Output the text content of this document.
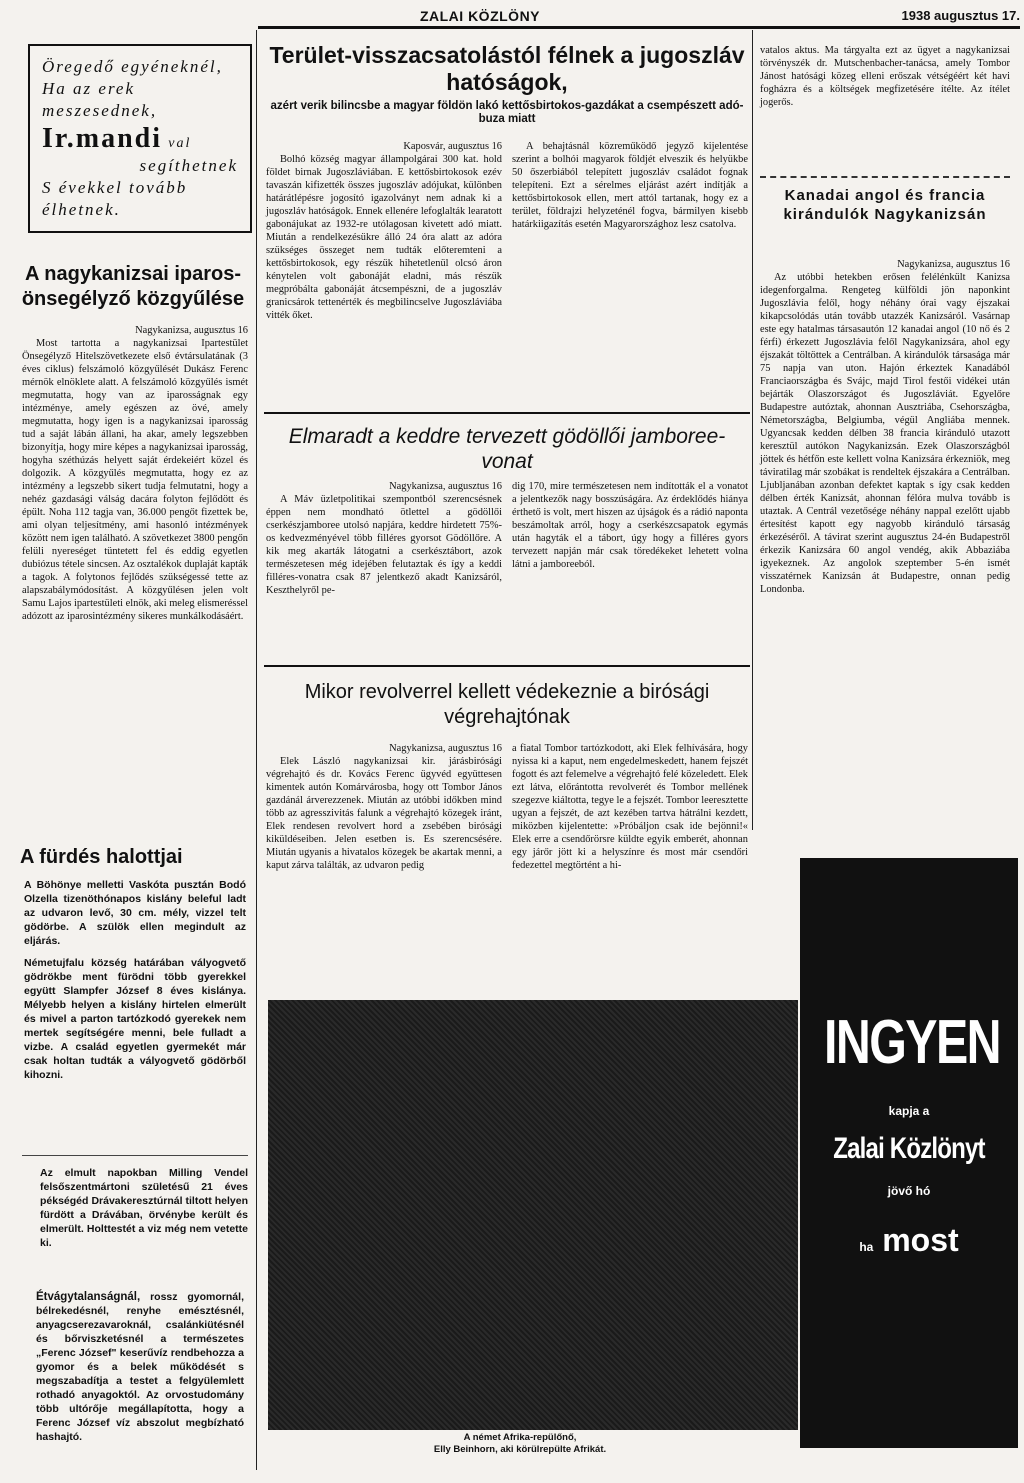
ZALAI KÖZLÖNY	1938 augusztus 17.
Öregedő egyéneknél,
Ha az erek meszesednek,
Ir.mandi val
segíthetnek
S évekkel tovább élhetnek.
A nagykanizsai iparos-önsegélyző közgyűlése
Nagykanizsa, augusztus 16

Most tartotta a nagykanizsai Ipartestület Önsegélyző Hitelszövetkezete első évtársulatának (3 éves ciklus) felszámoló közgyűlését Dukász Ferenc mérnök elnöklete alatt. A felszámoló közgyűlés ismét megmutatta, hogy van az iparosságnak egy intézménye, amely egészen az övé, amely megmutatta, hogy igen is a nagykanizsai iparosság tud a saját lábán állani, ha akar, amely legszebben bizonyítja, hogy mire képes a nagykanizsai iparosság, hogyha széthúzás helyett saját érdekeiért közel és dolgozik. A közgyűlés megmutatta, hogy ez az intézmény a legszebb sikert tudja felmutatni, hogy a nehéz gazdasági válság dacára folyton fejlődött és épült. Noha 112 tagja van, 36.000 pengőt fizettek be, ami olyan teljesítmény, ami hasonló intézmények között nem igen található. A szövetkezet 3800 pengőn felüli nyereséget tüntetett fel és eddig egyetlen dubiózus tétele sincsen. Az osztalékok duplaját kapták a tagok. A folytonos fejlődés szükségessé tette az alapszabálymódosítást. A közgyűlésen jelen volt Samu Lajos ipartestületi elnök, aki meleg elismeréssel adózott az iparosintézmény sikeres munkálkodásáért.

A fürdés halottjai

A Böhönye melletti Vaskóta pusztán Bodó Olzella tizenöthónapos kislány beleful ladt az udvaron levő, 30 cm. mély, vizzel telt gödörbe. A szülök ellen megindult az eljárás.

Németujfalu község határában vályogvető gödrökbe ment fürödni több gyerekkel együtt Slampfer József 8 éves kislánya. Mélyebb helyen a kislány hirtelen elmerült és mivel a parton tartózkodó gyerekek nem mertek segítségére menni, bele fulladt a vizbe. A család egyetlen gyermekét már csak holtan tudták a vályogvető gödörből kihozni.

Az elmult napokban Milling Vendel felsőszentmártoni születésű 21 éves pékségéd Drávakeresztúrnál tiltott helyen fürdött a Drávában, örvénybe került és elmerült. Holttestét a viz még nem vetette ki.

Étvágytalanságnál, rossz gyomornál, bélrekedésnél, renyhe emésztésnél, anyagcserezavaroknál, csalánkiütésnél és bőrviszketésnél a természetes „Ferenc József" keserűvíz rendbehozza a gyomor és a belek működését s megszabadítja a testet a felgyülemlett rothadó anyagoktól. Az orvostudomány több ultórője megállapította, hogy a Ferenc József víz abszolut megbízható hashajtó.
Terület-visszacsatolástól félnek a jugoszláv hatóságok,
azért verik bilincsbe a magyar földön lakó kettősbirtokos-gazdákat a csempészett adó-buza miatt
Kaposvár, augusztus 16

Bolhó község magyar állampolgárai 300 kat. hold földet birnak Jugoszláviában. E kettősbirtokosok ezév tavaszán kifizették összes jugoszláv adójukat, különben határátlépésre jogosító igazolványt nem adnak ki a jugoszláv hatóságok. Ennek ellenére lefoglalták learatott gabonájukat az 1932-re utólagosan kivetett adó miatt. Miután a rendelkezésükre álló 24 óra alatt az adóra szükséges összeget nem tudták előteremteni a kettősbirtokosok, egy részük hihetetlenül olcsó áron kénytelen volt gabonáját eladni, más részük megpróbálta gabonáját átcsempészni, de a jugoszláv granicsárok tettenérték és megbilincselve Jugoszláviába vitték őket.

A behajtásnál közreműködő jegyző kijelentése szerint a bolhói magyarok földjét elveszik és helyükbe 50 őszerbiából telepített jugoszláv családot fognak telepíteni. Ezt a sérelmes eljárást azért indítják a kettősbirtokosok ellen, mert attól tartanak, hogy ez a terület, földrajzi helyzeténél fogva, bármilyen kisebb határkiigazítás esetén Magyarországhoz lesz csatolva.

Elmaradt a keddre tervezett gödöllői jamboree-vonat
Nagykanizsa, augusztus 16

A Máv üzletpolitikai szempontból szerencsésnek éppen nem mondható ötlettel a gödöllői cserkészjamboree utolsó napjára, keddre hirdetett 75%-os kedvezményével több filléres gyorsot Gödöllőre. A kik meg akarták látogatni a cserkésztábort, azok természetesen még idejében felutaztak és így a keddi filléres-vonatra csak 87 jelentkező akadt Kanizsáról, Keszthelyről pe-

dig 170, mire természetesen nem indították el a vonatot a jelentkezők nagy bosszúságára. Az érdeklődés hiánya érthető is volt, mert hiszen az újságok és a rádió naponta beszámoltak arról, hogy a cserkészcsapatok egymás után hagyták el a tábort, úgy hogy a filléres gyors tervezett napján már csak töredékeket lehetett volna látni a jamboreeból.

Mikor revolverrel kellett védekeznie a birósági végrehajtónak
Nagykanizsa, augusztus 16

Elek László nagykanizsai kir. járásbirósági végrehajtó és dr. Kovács Ferenc ügyvéd együttesen kimentek autón Komárvárosba, hogy ott Tombor János gazdánál árverezzenek. Miután az utóbbi időkben mind több az agresszivitás falunk a végrehajtó közegek iránt, Elek rendesen revolvert hord a zsebében birósági kiküldéseiben. Jelen esetben is. Es szerencsésére. Miután ugyanis a hivatalos közegek be akartak menni, a kaput zárva találták, az udvaron pedig

a fiatal Tombor tartózkodott, aki Elek felhívására, hogy nyissa ki a kaput, nem engedelmeskedett, hanem fejszét fogott és azt felemelve a végrehajtó felé közeledett. Elek ezt látva, előrántotta revolverét és Tombor mellének szegezve kiáltotta, tegye le a fejszét. Tombor leeresztette ugyan a fejszét, de azt kezében tartva hátrálni kezdett, miközben kijelentette: »Próbáljon csak ide bejönni!« Elek erre a csendőrörsre küldte egyik emberét, ahonnan egy járőr jött ki a helyszínre és most már csendőri fedezettel megtörtént a hi-

vatalos aktus. Ma tárgyalta ezt az ügyet a nagykanizsai törvényszék dr. Mutschenbacher-tanácsa, amely Tombor Jánost hatósági közeg elleni erőszak vétségéért két havi fogházra és a költségek megfizetésére ítélte. Az ítélet jogerős.

Kanadai angol és francia kirándulók Nagykanizsán
Nagykanizsa, augusztus 16

Az utóbbi hetekben erősen felélénkült Kanizsa idegenforgalma. Rengeteg külföldi jön naponkint Jugoszlávia felől, hogy néhány órai vagy éjszakai kikapcsolódás után tovább utazzék Kanizsáról. Vasárnap este egy hatalmas társasautón 12 kanadai angol (10 nő és 2 férfi) érkezett Jugoszlávia felől Nagykanizsára, ahol egy éjszakát töltöttek a Centrálban. A kirándulók társasága már 75 napja van uton. Hajón érkeztek Kanadából Franciaországba és Svájc, majd Tirol festői vidékei után bejárták Olaszországot és Jugoszláviát. Egyelőre Budapestre autóztak, ahonnan Ausztriába, Csehországba, Németországba, Belgiumba, végül Angliába mennek. Ugyancsak kedden délben 38 francia kiránduló utazott keresztül autókon Nagykanizsán. Ezek Olaszországból jöttek és hétfőn este kellett volna Kanizsára érkezniök, meg táviratilag már szobákat is rendeltek éjszakára a Centrálban. Ljubljanában azonban defektet kaptak s így csak kedden délben érték Kanizsát, ahonnan félóra mulva tovább is utaztak. A Centrál vezetősége néhány nappal ezelőtt ujabb értesítést kapott egy nagyobb kiránduló társaság érkezéséről. A távirat szerint augusztus 24-én Budapestről érkezik Kanizsára 60 angol vendég, akik Abbaziába igyekeznek. Az angolok szeptember 5-én ismét visszatérnek Kanizsán át Budapestre, onnan pedig Londonba.

A német Afrika-repülőnő,
Elly Beinhorn, aki körülrepülte Afrikát.
INGYEN
kapja a
Zalai Közlönyt
jövő hó
ha most
